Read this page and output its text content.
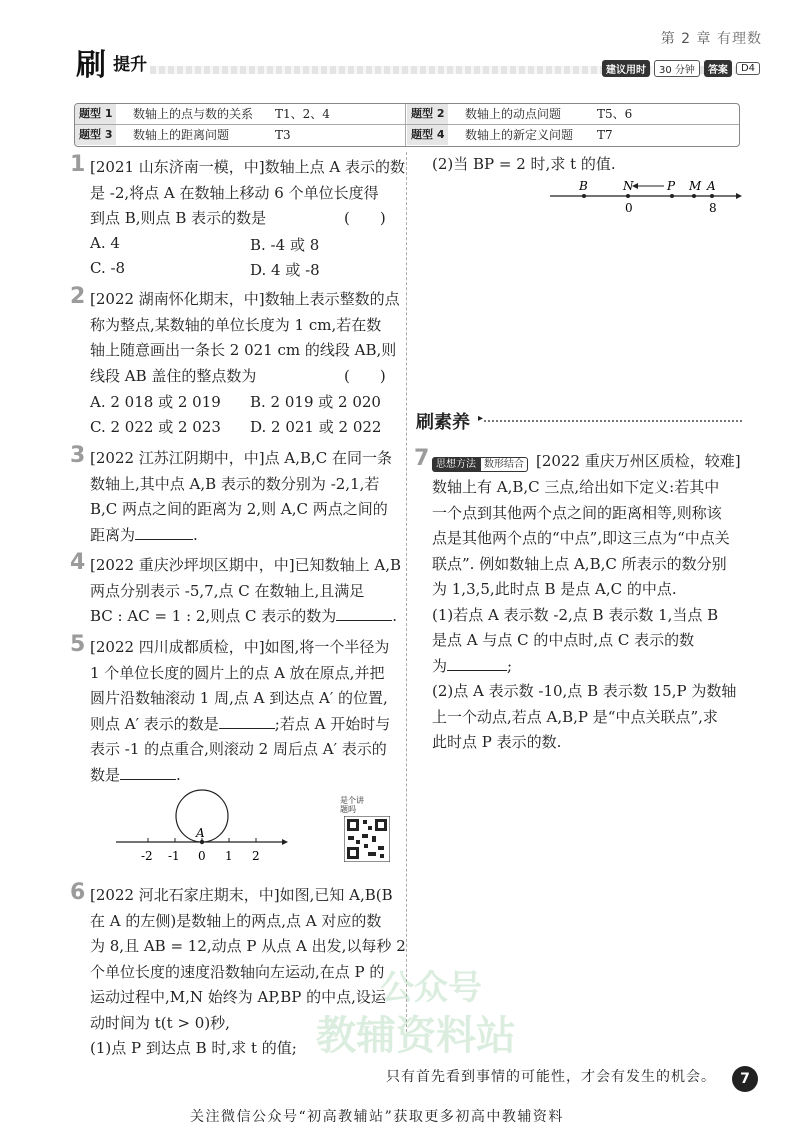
第 2 章 有理数
刷 提升	建议用时	30 分钟	答案	D4
题型 1	数轴上的点与数的关系 T1、2、4	题型 2	数轴上的动点问题	T5、6
题型 3	数轴上的距离问题	T3	题型 4	数轴上的新定义问题 T7
1 [2021 山东济南一模，中]数轴上点 A 表示的数
是 -2,将点 A 在数轴上移动 6 个单位长度得
到点 B,则点 B 表示的数是	(　　)
A. 4	B. -4 或 8
C. -8	D. 4 或 -8
2 [2022 湖南怀化期末，中]数轴上表示整数的点
称为整点,某数轴的单位长度为 1 cm,若在数
轴上随意画出一条长 2 021 cm 的线段 AB,则
线段 AB 盖住的整点数为	(　　)
A. 2 018 或 2 019 B. 2 019 或 2 020
C. 2 022 或 2 023 D. 2 021 或 2 022
3 [2022 江苏江阴期中，中]点 A,B,C 在同一条
数轴上,其中点 A,B 表示的数分别为 -2,1,若
B,C 两点之间的距离为 2,则 A,C 两点之间的
距离为	.
4 [2022 重庆沙坪坝区期中，中]已知数轴上 A,B
两点分别表示 -5,7,点 C 在数轴上,且满足
BC : AC = 1 : 2,则点 C 表示的数为	.
5 [2022 四川成都质检，中]如图,将一个半径为
1 个单位长度的圆片上的点 A 放在原点,并把
圆片沿数轴滚动 1 周,点 A 到达点 A′ 的位置,
则点 A′ 表示的数是	;若点 A 开始时与
表示 -1 的点重合,则滚动 2 周后点 A′ 表示的
数是	.
A
-2 -1 0 1 2
是个讲题吗
6 [2022 河北石家庄期末，中]如图,已知 A,B(B
在 A 的左侧)是数轴上的两点,点 A 对应的数
为 8,且 AB = 12,动点 P 从点 A 出发,以每秒 2
个单位长度的速度沿数轴向左运动,在点 P 的
运动过程中,M,N 始终为 AP,BP 的中点,设运
动时间为 t(t > 0)秒,
(1)点 P 到达点 B 时,求 t 的值;
(2)当 BP = 2 时,求 t 的值.
B	N	P M A
0	8
刷素养 ▸
7 思想方法 数形结合 [2022 重庆万州区质检，较难]
数轴上有 A,B,C 三点,给出如下定义:若其中
一个点到其他两个点之间的距离相等,则称该
点是其他两个点的“中点”,即这三点为“中点关
联点”. 例如数轴上点 A,B,C 所表示的数分别
为 1,3,5,此时点 B 是点 A,C 的中点.
(1)若点 A 表示数 -2,点 B 表示数 1,当点 B
是点 A 与点 C 的中点时,点 C 表示的数
为	;
(2)点 A 表示数 -10,点 B 表示数 15,P 为数轴
上一个动点,若点 A,B,P 是“中点关联点”,求
此时点 P 表示的数.
公众号
教辅资料站
只有首先看到事情的可能性，才会有发生的机会。	7
关注微信公众号“初高教辅站”获取更多初高中教辅资料
